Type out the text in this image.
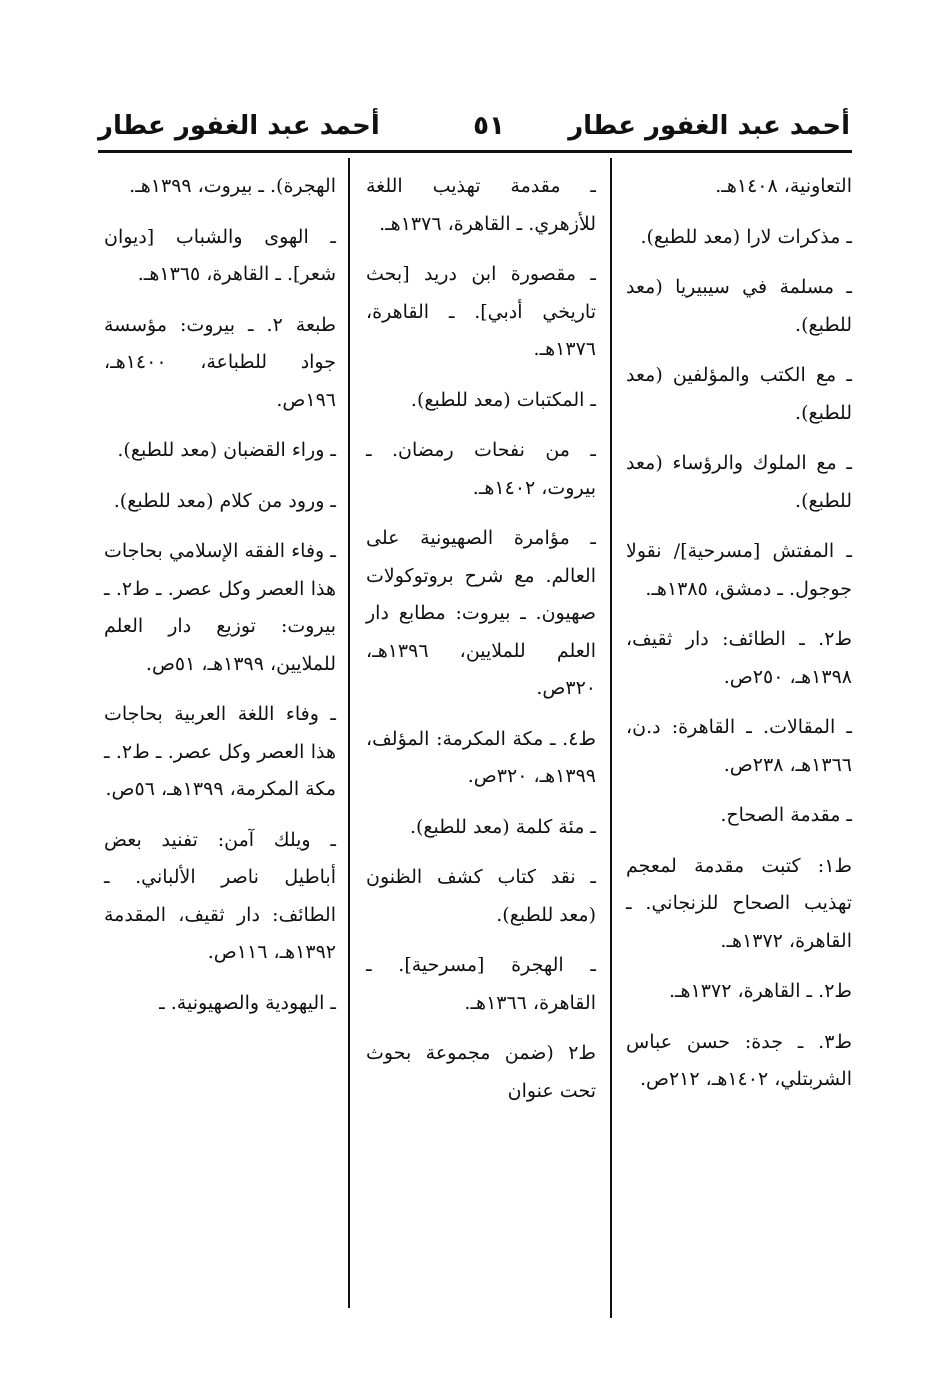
أحمد عبد الغفور عطار
٥١
أحمد عبد الغفور عطار

التعاونية، ١٤٠٨هـ.

ـ مذكرات لارا (معد للطبع).

ـ مسلمة في سيبيريا (معد للطبع).

ـ مع الكتب والمؤلفين (معد للطبع).

ـ مع الملوك والرؤساء (معد للطبع).

ـ المفتش [مسرحية]/ نقولا جوجول. ـ دمشق، ١٣٨٥هـ.

ط٢. ـ الطائف: دار ثقيف، ١٣٩٨هـ، ٢٥٠ص.

ـ المقالات. ـ القاهرة: د.ن، ١٣٦٦هـ، ٢٣٨ص.

ـ مقدمة الصحاح.

ط١: كتبت مقدمة لمعجم تهذيب الصحاح للزنجاني. ـ القاهرة، ١٣٧٢هـ.

ط٢. ـ القاهرة، ١٣٧٢هـ.

ط٣. ـ جدة: حسن عباس الشربتلي، ١٤٠٢هـ، ٢١٢ص.

ـ مقدمة تهذيب اللغة للأزهري. ـ القاهرة، ١٣٧٦هـ.

ـ مقصورة ابن دريد [بحث تاريخي أدبي]. ـ القاهرة، ١٣٧٦هـ.

ـ المكتبات (معد للطبع).

ـ من نفحات رمضان. ـ بيروت، ١٤٠٢هـ.

ـ مؤامرة الصهيونية على العالم. مع شرح بروتوكولات صهيون. ـ بيروت: مطابع دار العلم للملايين، ١٣٩٦هـ، ٣٢٠ص.

ط٤. ـ مكة المكرمة: المؤلف، ١٣٩٩هـ، ٣٢٠ص.

ـ مئة كلمة (معد للطبع).

ـ نقد كتاب كشف الظنون (معد للطبع).

ـ الهجرة [مسرحية]. ـ القاهرة، ١٣٦٦هـ.

ط٢ (ضمن مجموعة بحوث تحت عنوان

الهجرة). ـ بيروت، ١٣٩٩هـ.

ـ الهوى والشباب [ديوان شعر]. ـ القاهرة، ١٣٦٥هـ.

طبعة ٢. ـ بيروت: مؤسسة جواد للطباعة، ١٤٠٠هـ، ١٩٦ص.

ـ وراء القضبان (معد للطبع).

ـ ورود من كلام (معد للطبع).

ـ وفاء الفقه الإسلامي بحاجات هذا العصر وكل عصر. ـ ط٢. ـ بيروت: توزيع دار العلم للملايين، ١٣٩٩هـ، ٥١ص.

ـ وفاء اللغة العربية بحاجات هذا العصر وكل عصر. ـ ط٢. ـ مكة المكرمة، ١٣٩٩هـ، ٥٦ص.

ـ ويلك آمن: تفنيد بعض أباطيل ناصر الألباني. ـ الطائف: دار ثقيف، المقدمة ١٣٩٢هـ، ١١٦ص.

ـ اليهودية والصهيونية. ـ
